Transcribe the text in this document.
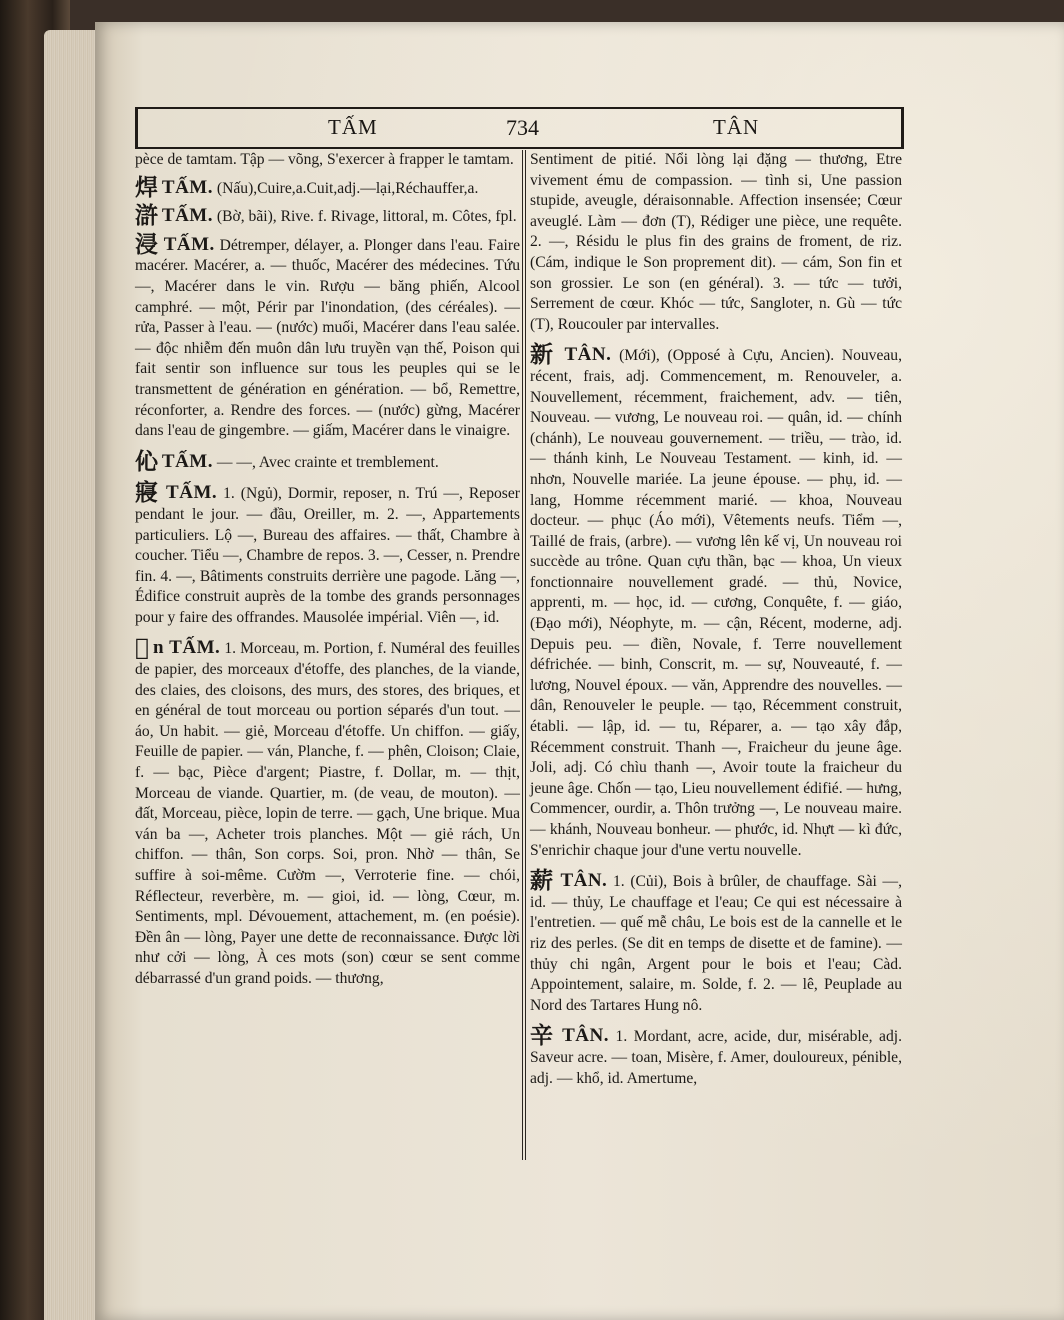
TẤM	734	TÂN

pèce de tamtam. Tập — võng, S'exercer à frapper le tamtam.

焊 TẤM. (Nấu),Cuire,a.Cuit,adj.—lại,Réchauffer,a.

滸 TẤM. (Bờ, bãi), Rive. f. Rivage, littoral, m. Côtes, fpl.

浸 TẤM. Détremper, délayer, a. Plonger dans l'eau. Faire macérer. Macérer, a. — thuốc, Macérer des médecines. Tứu —, Macérer dans le vin. Rượu — băng phiến, Alcool camphré. — một, Périr par l'inondation, (des céréales). — rửa, Passer à l'eau. — (nước) muối, Macérer dans l'eau salée. — độc nhiễm đến muôn dân lưu truyền vạn thế, Poison qui fait sentir son influence sur tous les peuples qui se le transmettent de génération en génération. — bổ, Remettre, réconforter, a. Rendre des forces. — (nước) gừng, Macérer dans l'eau de gingembre. — giấm, Macérer dans le vinaigre.

伈 TẤM. — —, Avec crainte et tremblement.

寢 TẤM. 1. (Ngủ), Dormir, reposer, n. Trú —, Reposer pendant le jour. — đầu, Oreiller, m. 2. —, Appartements particuliers. Lộ —, Bureau des affaires. — thất, Chambre à coucher. Tiểu —, Chambre de repos. 3. —, Cesser, n. Prendre fin. 4. —, Bâtiments construits derrière une pagode. Lăng —, Édifice construit auprès de la tombe des grands personnages pour y faire des offrandes. Mausolée impérial. Viên —, id.

𢯏 n TẤM. 1. Morceau, m. Portion, f. Numéral des feuilles de papier, des morceaux d'étoffe, des planches, de la viande, des claies, des cloisons, des murs, des stores, des briques, et en général de tout morceau ou portion séparés d'un tout. — áo, Un habit. — giẻ, Morceau d'étoffe. Un chiffon. — giấy, Feuille de papier. — ván, Planche, f. — phên, Cloison; Claie, f. — bạc, Pièce d'argent; Piastre, f. Dollar, m. — thịt, Morceau de viande. Quartier, m. (de veau, de mouton). — đất, Morceau, pièce, lopin de terre. — gạch, Une brique. Mua ván ba —, Acheter trois planches. Một — giẻ rách, Un chiffon. — thân, Son corps. Soi, pron. Nhờ — thân, Se suffire à soi-même. Cườm —, Verroterie fine. — chói, Réflecteur, reverbère, m. — gioi, id. — lòng, Cœur, m. Sentiments, mpl. Dévouement, attachement, m. (en poésie). Đền ân — lòng, Payer une dette de reconnaissance. Được lời như cởi — lòng, À ces mots (son) cœur se sent comme débarrassé d'un grand poids. — thương,

Sentiment de pitié. Nổi lòng lại đặng — thương, Etre vivement ému de compassion. — tình si, Une passion stupide, aveugle, déraisonnable. Affection insensée; Cœur aveuglé. Làm — đơn (T), Rédiger une pièce, une requête. 2. —, Résidu le plus fin des grains de froment, de riz. (Cám, indique le Son proprement dit). — cám, Son fin et son grossier. Le son (en général). 3. — tức — tưởi, Serrement de cœur. Khóc — tức, Sangloter, n. Gù — tức (T), Roucouler par intervalles.

新 TÂN. (Mới), (Opposé à Cựu, Ancien). Nouveau, récent, frais, adj. Commencement, m. Renouveler, a. Nouvellement, récemment, fraichement, adv. — tiên, Nouveau. — vương, Le nouveau roi. — quân, id. — chính (chánh), Le nouveau gouvernement. — triều, — trào, id. — thánh kinh, Le Nouveau Testament. — kinh, id. — nhơn, Nouvelle mariée. La jeune épouse. — phụ, id. — lang, Homme récemment marié. — khoa, Nouveau docteur. — phục (Áo mới), Vêtements neufs. Tiểm —, Taillé de frais, (arbre). — vương lên kế vị, Un nouveau roi succède au trône. Quan cựu thần, bạc — khoa, Un vieux fonctionnaire nouvellement gradé. — thủ, Novice, apprenti, m. — học, id. — cương, Conquête, f. — giáo, (Đạo mới), Néophyte, m. — cận, Récent, moderne, adj. Depuis peu. — điền, Novale, f. Terre nouvellement défrichée. — binh, Conscrit, m. — sự, Nouveauté, f. — lương, Nouvel époux. — văn, Apprendre des nouvelles. — dân, Renouveler le peuple. — tạo, Récemment construit, établi. — lập, id. — tu, Réparer, a. — tạo xây đắp, Récemment construit. Thanh —, Fraicheur du jeune âge. Joli, adj. Có chìu thanh —, Avoir toute la fraicheur du jeune âge. Chốn — tạo, Lieu nouvellement édifié. — hưng, Commencer, ourdir, a. Thôn trưởng —, Le nouveau maire. — khánh, Nouveau bonheur. — phước, id. Nhựt — kì đức, S'enrichir chaque jour d'une vertu nouvelle.

薪 TÂN. 1. (Củi), Bois à brûler, de chauffage. Sài —, id. — thủy, Le chauffage et l'eau; Ce qui est nécessaire à l'entretien. — quế mễ châu, Le bois est de la cannelle et le riz des perles. (Se dit en temps de disette et de famine). — thủy chi ngân, Argent pour le bois et l'eau; Càd. Appointement, salaire, m. Solde, f. 2. — lê, Peuplade au Nord des Tartares Hung nô.

辛 TÂN. 1. Mordant, acre, acide, dur, misérable, adj. Saveur acre. — toan, Misère, f. Amer, douloureux, pénible, adj. — khổ, id. Amertume,
